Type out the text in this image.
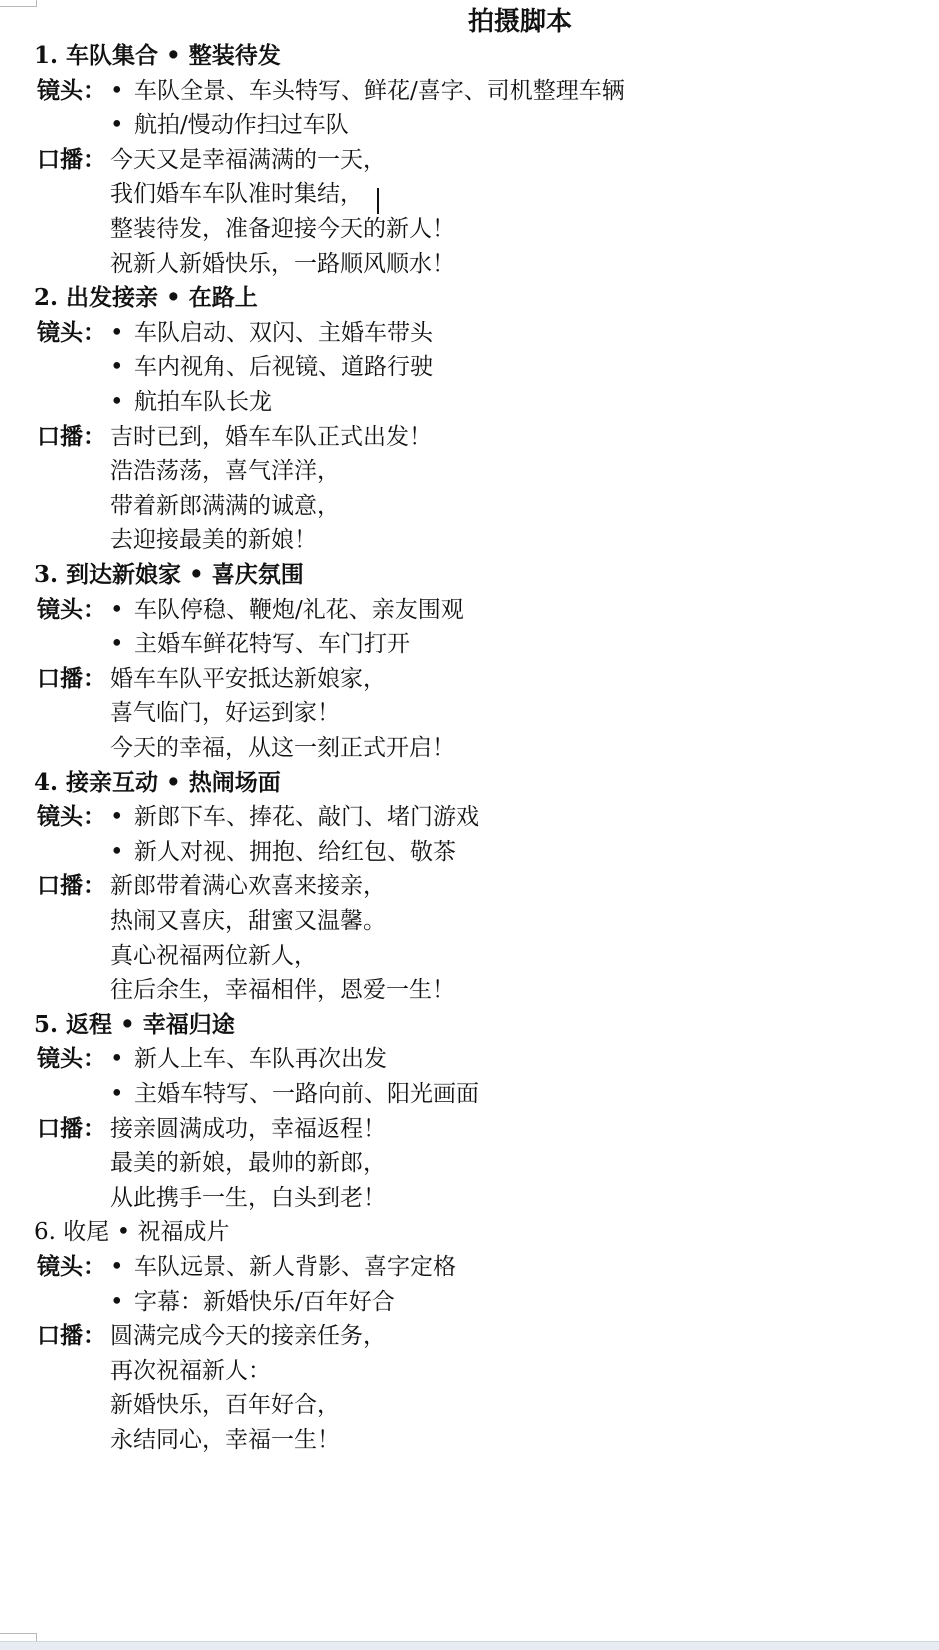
拍摄脚本
1. 车队集合 • 整装待发
镜头： • 车队全景、车头特写、鲜花/喜字、司机整理车辆
• 航拍/慢动作扫过车队
口播： 今天又是幸福满满的一天，
我们婚车车队准时集结，
整装待发，准备迎接今天的新人！
祝新人新婚快乐，一路顺风顺水！
2. 出发接亲 • 在路上
镜头： • 车队启动、双闪、主婚车带头
• 车内视角、后视镜、道路行驶
• 航拍车队长龙
口播： 吉时已到，婚车车队正式出发！
浩浩荡荡，喜气洋洋，
带着新郎满满的诚意，
去迎接最美的新娘！
3. 到达新娘家 • 喜庆氛围
镜头： • 车队停稳、鞭炮/礼花、亲友围观
• 主婚车鲜花特写、车门打开
口播： 婚车车队平安抵达新娘家，
喜气临门，好运到家！
今天的幸福，从这一刻正式开启！
4. 接亲互动 • 热闹场面
镜头： • 新郎下车、捧花、敲门、堵门游戏
• 新人对视、拥抱、给红包、敬茶
口播： 新郎带着满心欢喜来接亲，
热闹又喜庆，甜蜜又温馨。
真心祝福两位新人，
往后余生，幸福相伴，恩爱一生！
5. 返程 • 幸福归途
镜头： • 新人上车、车队再次出发
• 主婚车特写、一路向前、阳光画面
口播： 接亲圆满成功，幸福返程！
最美的新娘，最帅的新郎，
从此携手一生，白头到老！
6. 收尾 • 祝福成片
镜头： • 车队远景、新人背影、喜字定格
• 字幕：新婚快乐/百年好合
口播： 圆满完成今天的接亲任务，
再次祝福新人：
新婚快乐，百年好合，
永结同心，幸福一生！
